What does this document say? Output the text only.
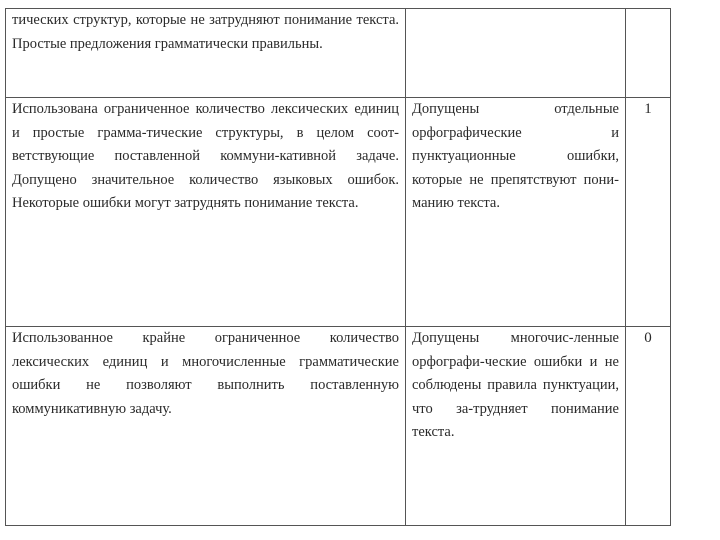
тических структур, которые не затрудняют понимание текста. Простые предложения грамматически правильны.		
Использована ограниченное количество лексических единиц и простые грамма-тические структуры, в целом соот-ветствующие поставленной коммуни-кативной задаче. Допущено значительное количество языковых ошибок. Некоторые ошибки могут затруднять понимание текста.	Допущены отдельные орфографические и пунктуационные ошибки, которые не препятствуют пони-манию текста.	1
Использованное крайне ограниченное количество лексических единиц и многочисленные грамматические ошибки не позволяют выполнить поставленную коммуникативную задачу.	Допущены многочис-ленные орфографи-ческие ошибки и не соблюдены правила пунктуации, что за-трудняет понимание текста.	0
